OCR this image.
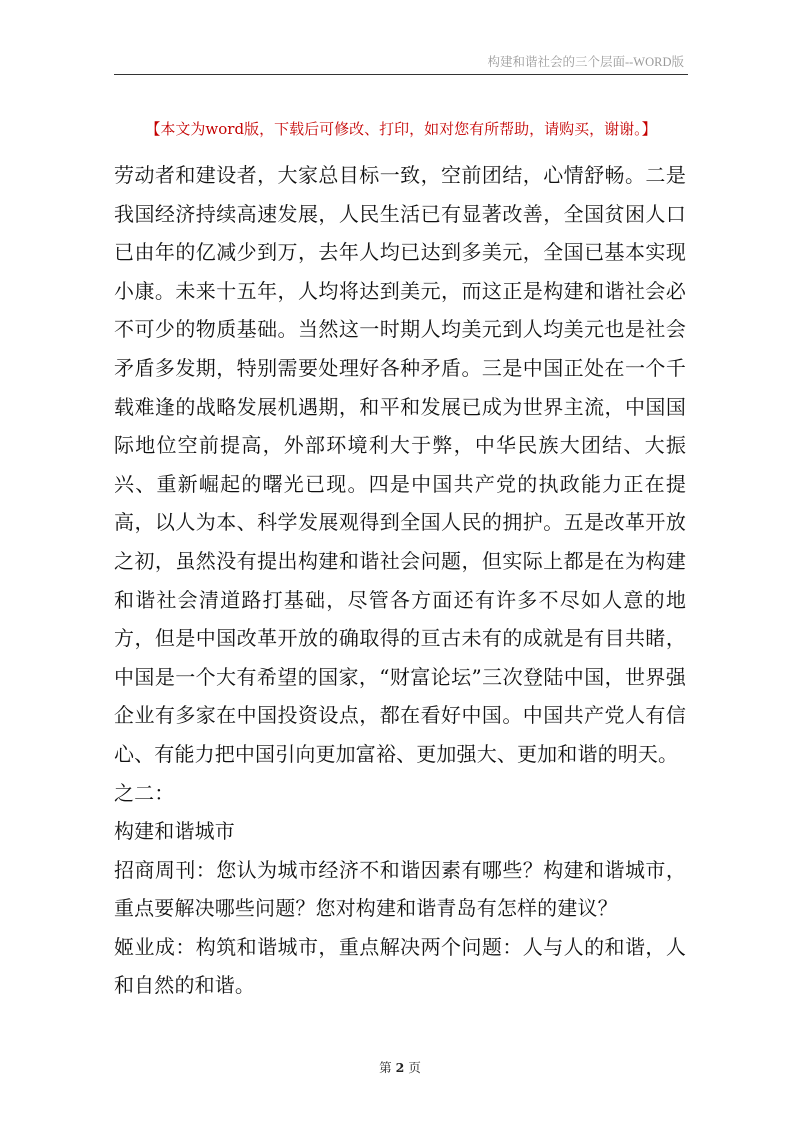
构建和谐社会的三个层面--WORD版
【本文为word版，下载后可修改、打印，如对您有所帮助，请购买，谢谢。】

劳动者和建设者，大家总目标一致，空前团结，心情舒畅。二是我国经济持续高速发展，人民生活已有显著改善，全国贫困人口已由年的亿减少到万，去年人均已达到多美元，全国已基本实现小康。未来十五年，人均将达到美元，而这正是构建和谐社会必不可少的物质基础。当然这一时期人均美元到人均美元也是社会矛盾多发期，特别需要处理好各种矛盾。三是中国正处在一个千载难逢的战略发展机遇期，和平和发展已成为世界主流，中国国际地位空前提高，外部环境利大于弊，中华民族大团结、大振兴、重新崛起的曙光已现。四是中国共产党的执政能力正在提高，以人为本、科学发展观得到全国人民的拥护。五是改革开放之初，虽然没有提出构建和谐社会问题，但实际上都是在为构建和谐社会清道路打基础，尽管各方面还有许多不尽如人意的地方，但是中国改革开放的确取得的亘古未有的成就是有目共睹，中国是一个大有希望的国家，“财富论坛”三次登陆中国，世界强企业有多家在中国投资设点，都在看好中国。中国共产党人有信心、有能力把中国引向更加富裕、更加强大、更加和谐的明天。

之二：

构建和谐城市

招商周刊：您认为城市经济不和谐因素有哪些？构建和谐城市，重点要解决哪些问题？您对构建和谐青岛有怎样的建议？

姬业成：构筑和谐城市，重点解决两个问题：人与人的和谐，人和自然的和谐。

第 2 页
